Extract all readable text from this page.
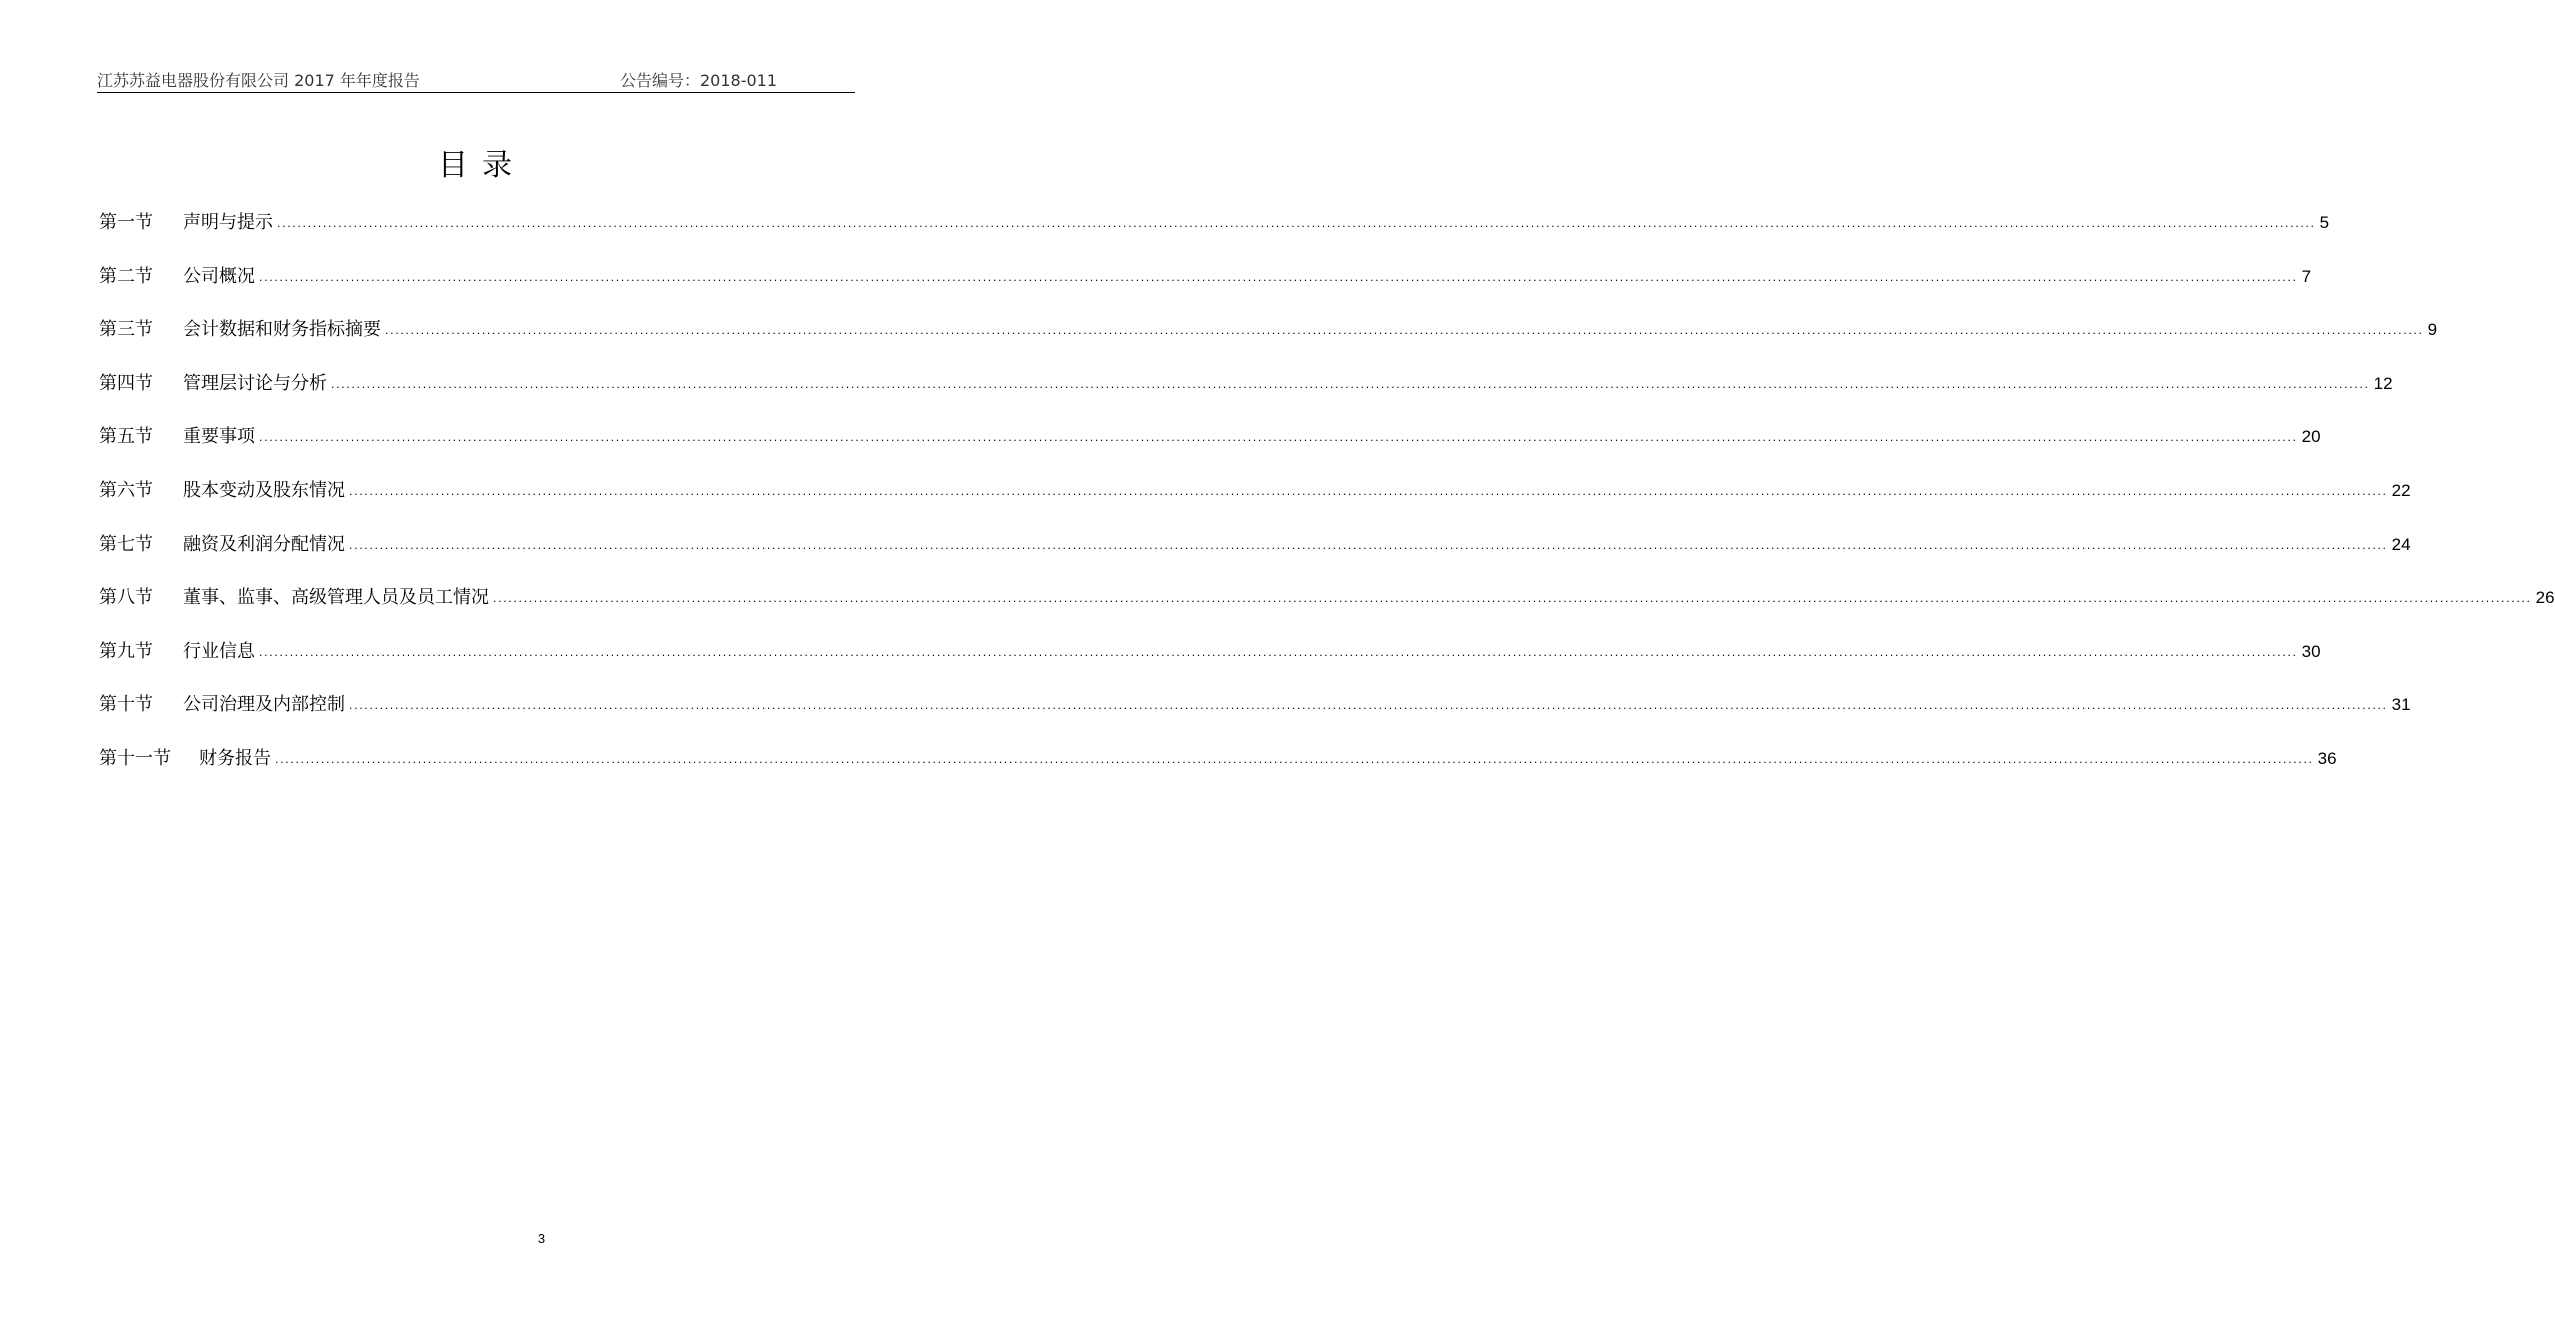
江苏苏益电器股份有限公司 2017 年年度报告	公告编号：2018-011
目录
第一节	声明与提示 ................................................................................................................................................................................................................................................................................................................................................................................................................ 5
第二节	公司概况 ................................................................................................................................................................................................................................................................................................................................................................................................................ 7
第三节	会计数据和财务指标摘要 ................................................................................................................................................................................................................................................................................................................................................................................................................ 9
第四节	管理层讨论与分析 ................................................................................................................................................................................................................................................................................................................................................................................................................ 12
第五节	重要事项 ................................................................................................................................................................................................................................................................................................................................................................................................................ 20
第六节	股本变动及股东情况 ................................................................................................................................................................................................................................................................................................................................................................................................................ 22
第七节	融资及利润分配情况 ................................................................................................................................................................................................................................................................................................................................................................................................................ 24
第八节	董事、监事、高级管理人员及员工情况 ................................................................................................................................................................................................................................................................................................................................................................................................................ 26
第九节	行业信息 ................................................................................................................................................................................................................................................................................................................................................................................................................ 30
第十节	公司治理及内部控制 ................................................................................................................................................................................................................................................................................................................................................................................................................ 31
第十一节	财务报告 ................................................................................................................................................................................................................................................................................................................................................................................................................ 36
3
